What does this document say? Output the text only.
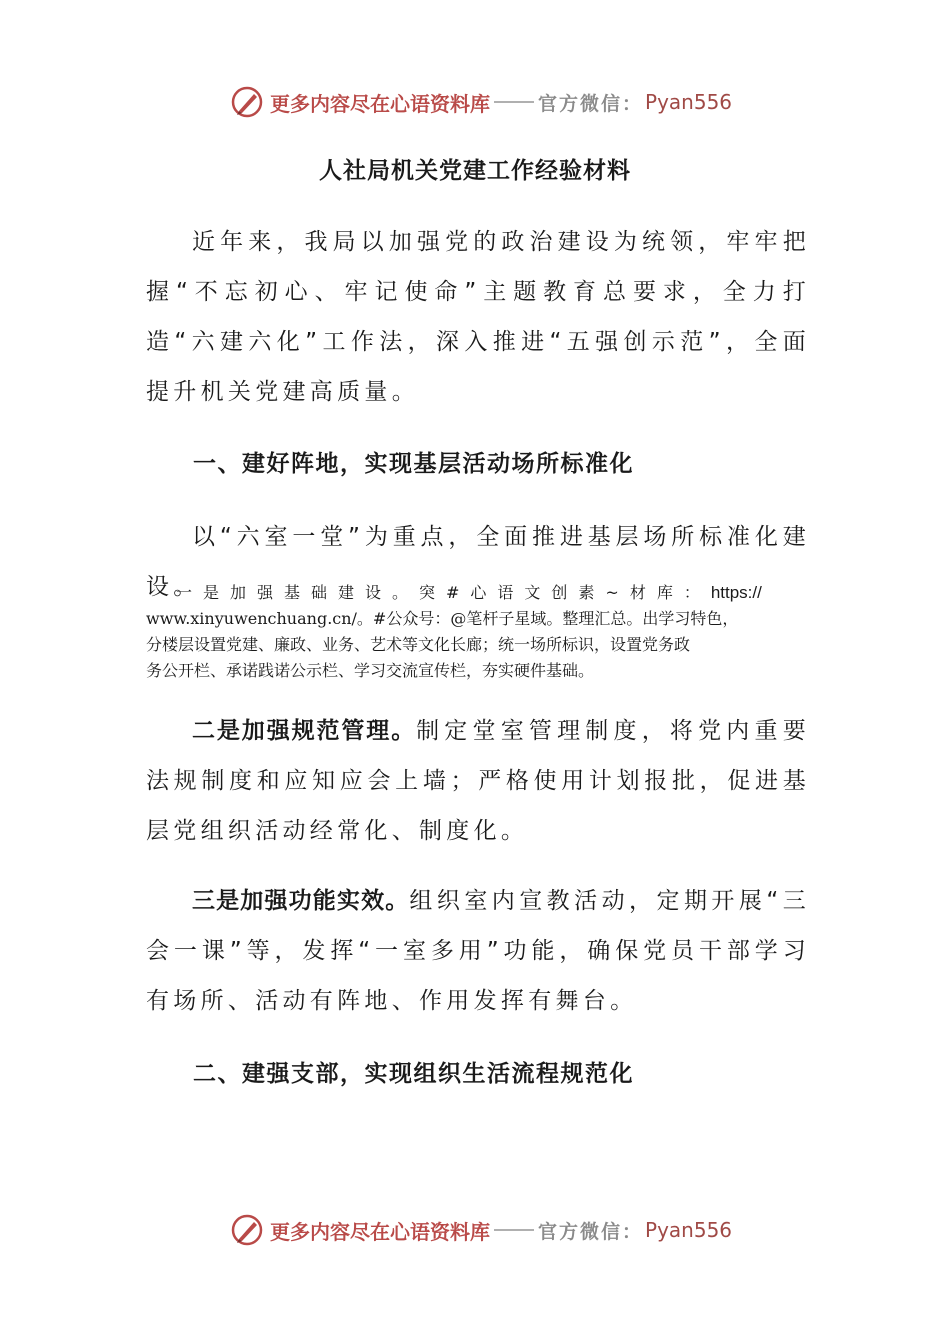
更多内容尽在心语资料库	官方微信： Pyan556
人社局机关党建工作经验材料

近年来，我局以加强党的政治建设为统领，牢牢把握“不忘初心、牢记使命”主题教育总要求，全力打造“六建六化”工作法，深入推进“五强创示范”，全面提升机关党建高质量。

一、建好阵地，实现基层活动场所标准化

以“六室一堂”为重点，全面推进基层场所标准化建设。

一是加强基础建设。突#心语文创素~材库：https://
www.xinyuwenchuang.cn/。#公众号：@笔杆子星域。整理汇总。出学习特色，
分楼层设置党建、廉政、业务、艺术等文化长廊；统一场所标识，设置党务政
务公开栏、承诺践诺公示栏、学习交流宣传栏，夯实硬件基础。

二是加强规范管理。制定堂室管理制度，将党内重要法规制度和应知应会上墙；严格使用计划报批，促进基层党组织活动经常化、制度化。

三是加强功能实效。组织室内宣教活动，定期开展“三会一课”等，发挥“一室多用”功能，确保党员干部学习有场所、活动有阵地、作用发挥有舞台。

二、建强支部，实现组织生活流程规范化
更多内容尽在心语资料库	官方微信： Pyan556
